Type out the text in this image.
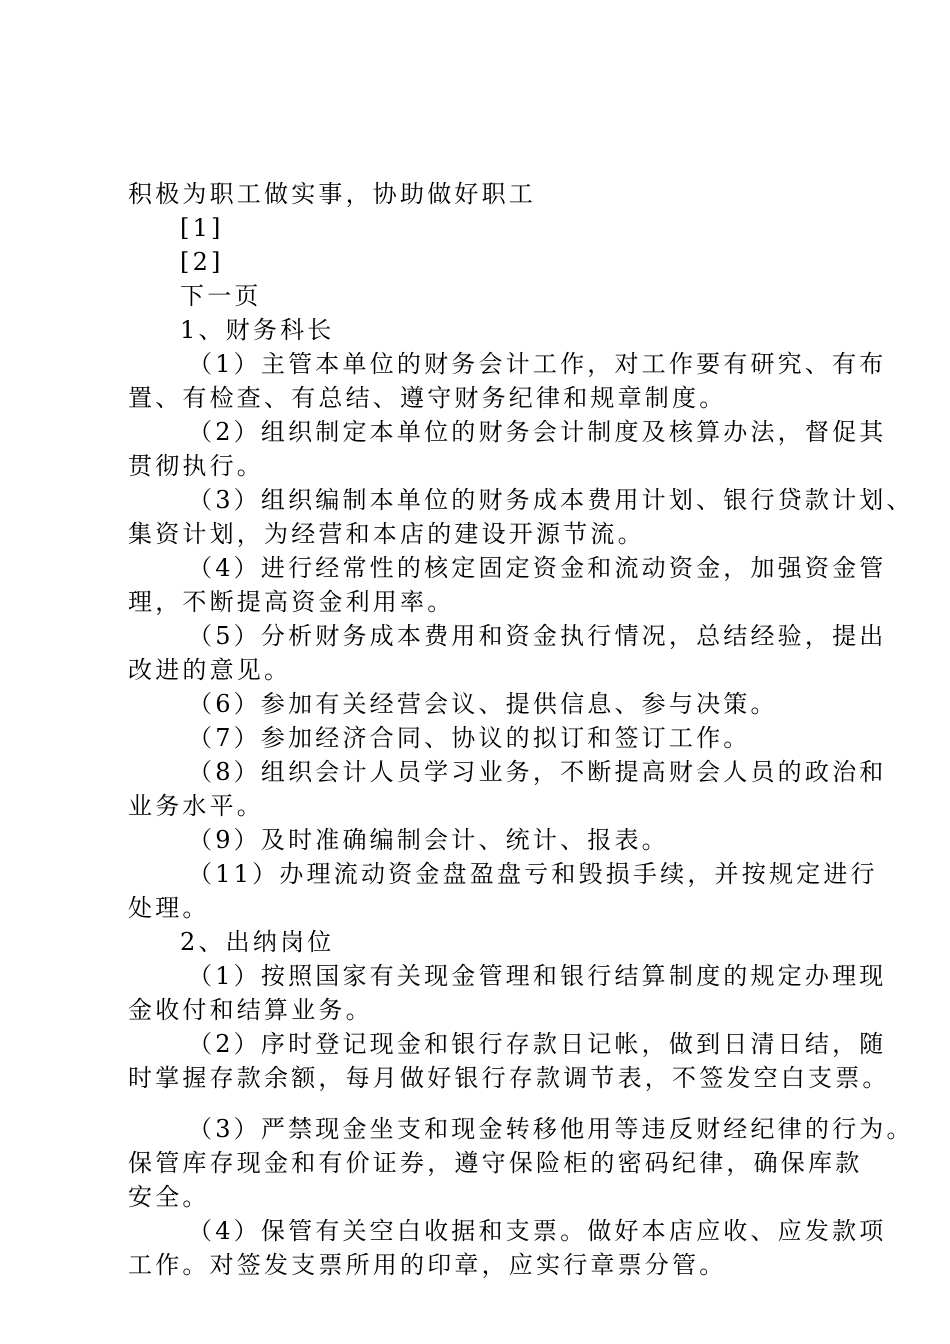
积极为职工做实事，协助做好职工
[1]
[2]
下一页
1、财务科长
（1）主管本单位的财务会计工作，对工作要有研究、有布
置、有检查、有总结、遵守财务纪律和规章制度。
（2）组织制定本单位的财务会计制度及核算办法，督促其
贯彻执行。
（3）组织编制本单位的财务成本费用计划、银行贷款计划、
集资计划，为经营和本店的建设开源节流。
（4）进行经常性的核定固定资金和流动资金，加强资金管
理，不断提高资金利用率。
（5）分析财务成本费用和资金执行情况，总结经验，提出
改进的意见。
（6）参加有关经营会议、提供信息、参与决策。
（7）参加经济合同、协议的拟订和签订工作。
（8）组织会计人员学习业务，不断提高财会人员的政治和
业务水平。
（9）及时准确编制会计、统计、报表。
（11）办理流动资金盘盈盘亏和毁损手续，并按规定进行
处理。
2、出纳岗位
（1）按照国家有关现金管理和银行结算制度的规定办理现
金收付和结算业务。
（2）序时登记现金和银行存款日记帐，做到日清日结，随
时掌握存款余额，每月做好银行存款调节表，不签发空白支票。
（3）严禁现金坐支和现金转移他用等违反财经纪律的行为。
保管库存现金和有价证券，遵守保险柜的密码纪律，确保库款
安全。
（4）保管有关空白收据和支票。做好本店应收、应发款项
工作。对签发支票所用的印章，应实行章票分管。
